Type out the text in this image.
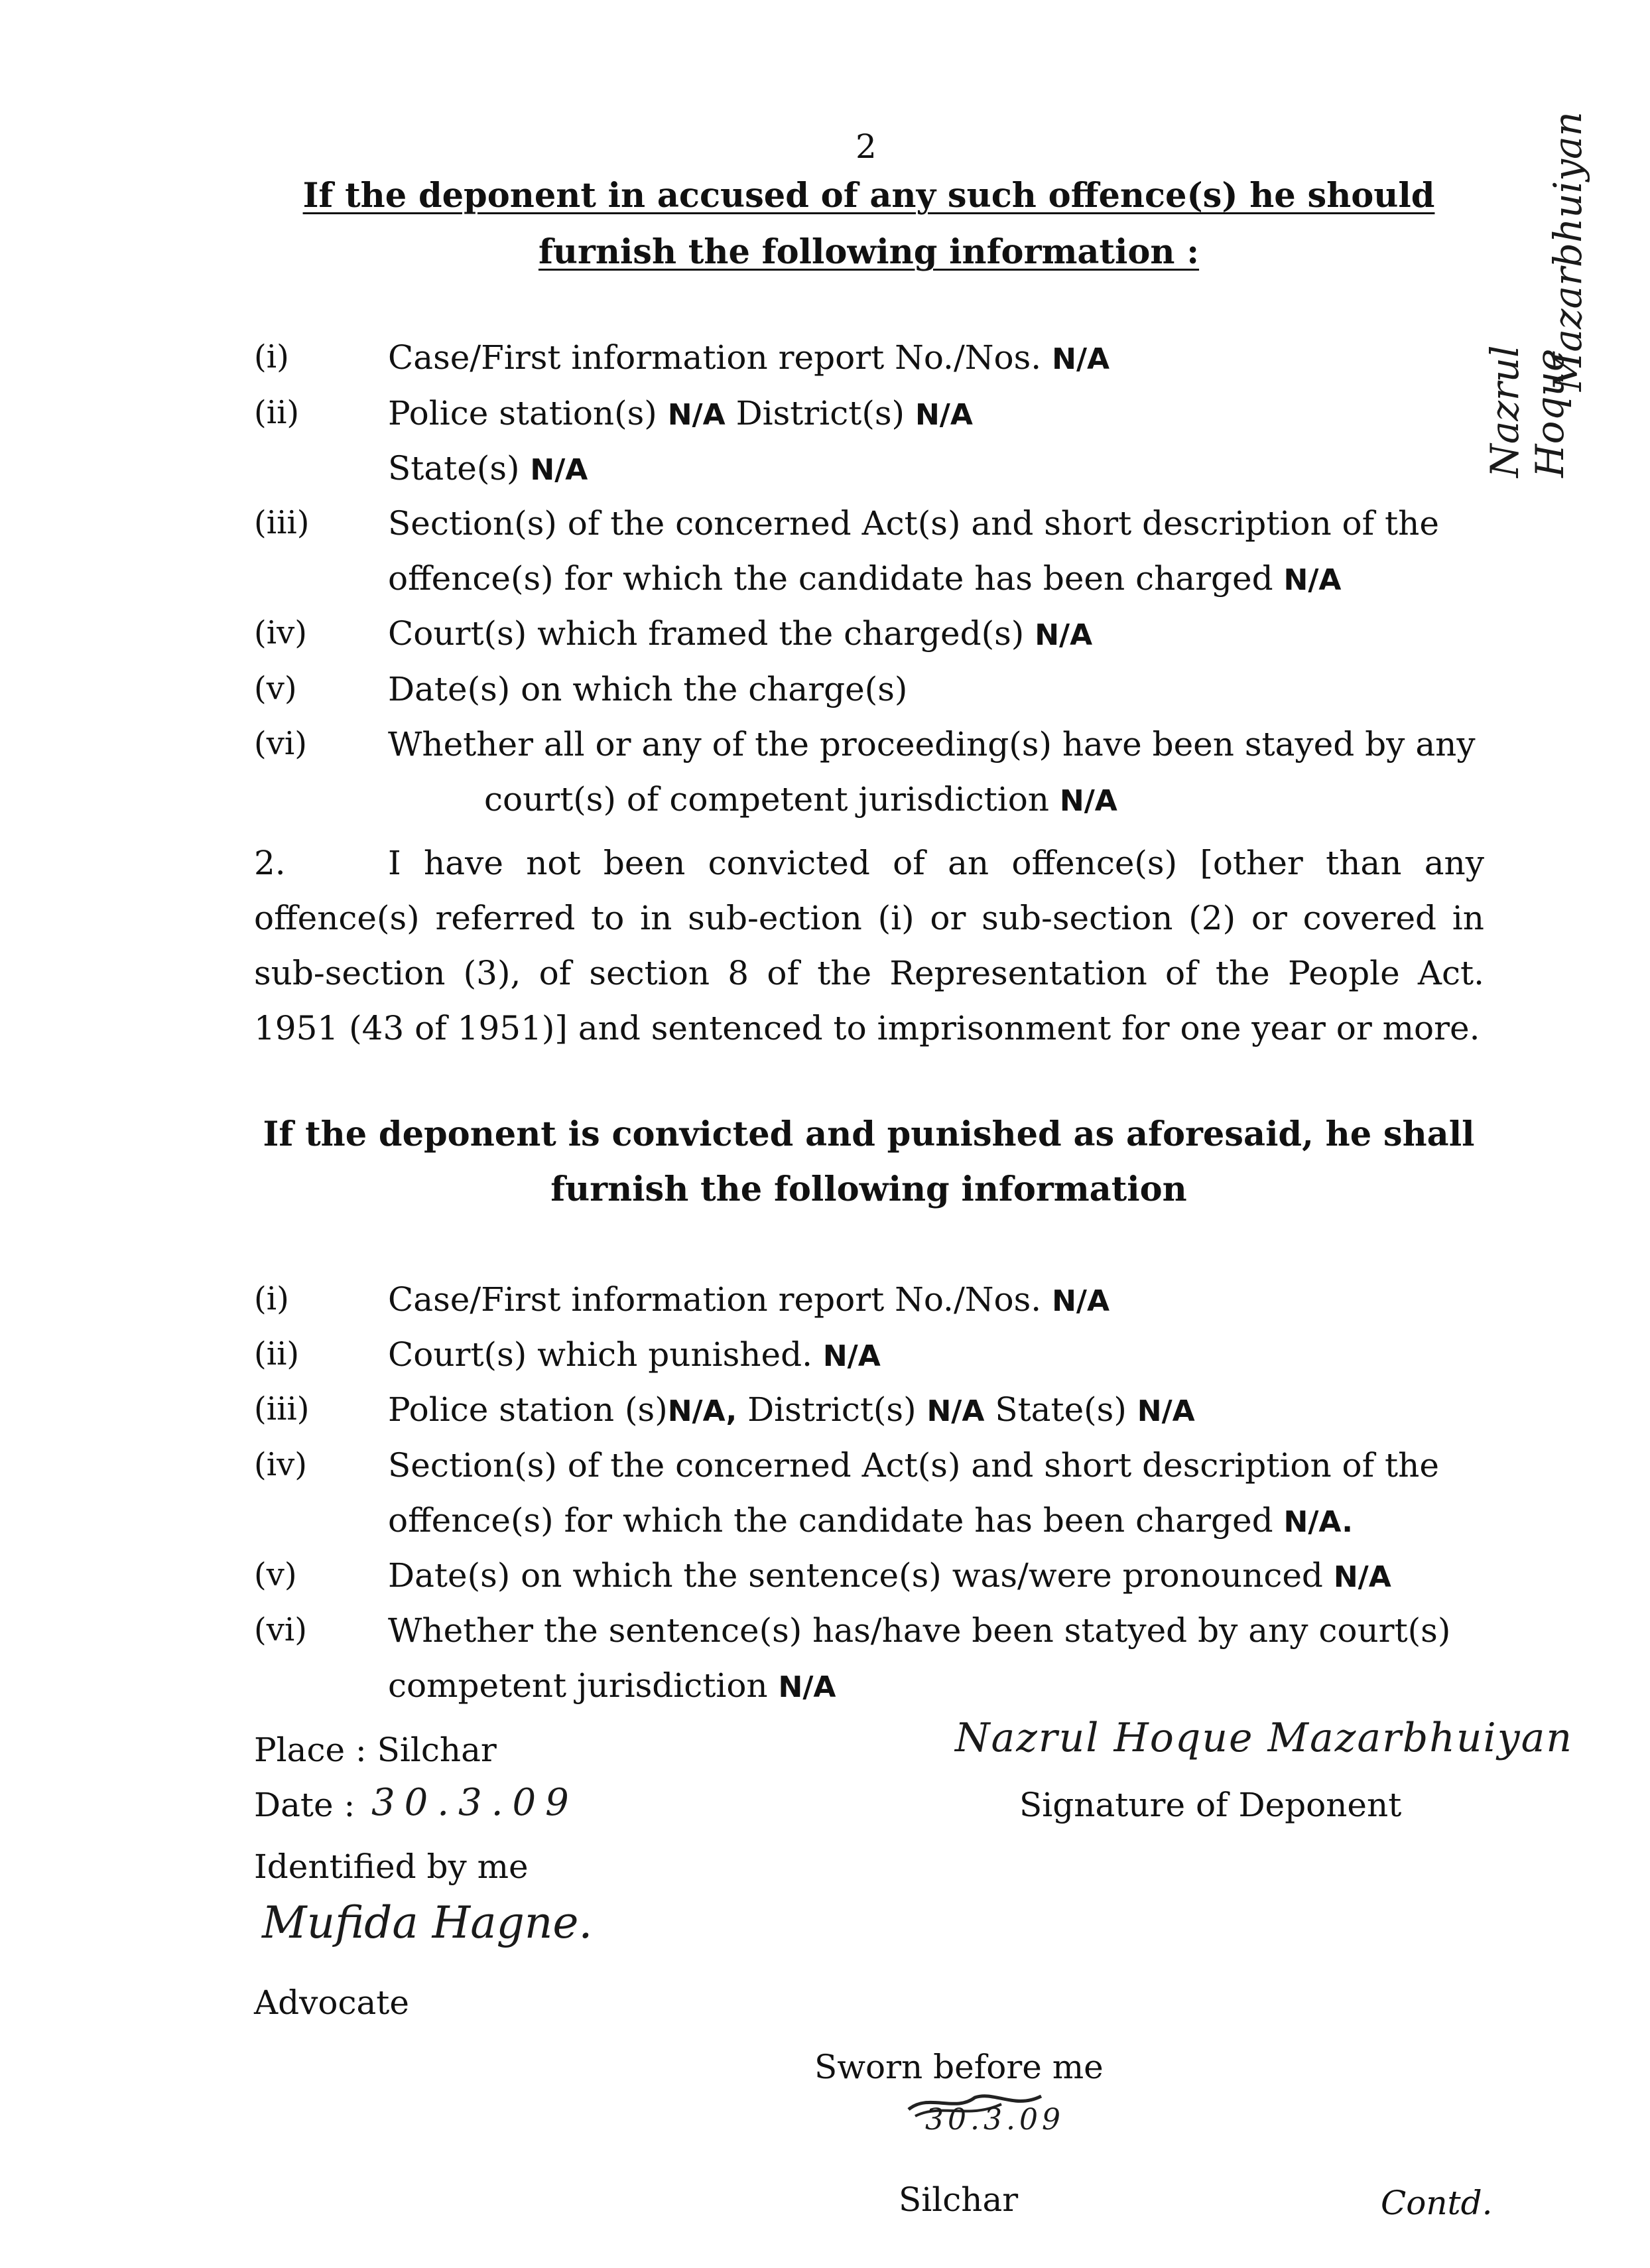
2
If the deponent in accused of any such offence(s) he should
furnish the following information :
(i)	Case/First information report No./Nos. N/A
(ii)	Police station(s) N/A District(s) N/A
State(s) N/A
(iii) Section(s) of the concerned Act(s) and short description of the
offence(s) for which the candidate has been charged N/A
(iv) Court(s) which framed the charged(s) N/A
(v)	Date(s) on which the charge(s)
(vi) Whether all or any of the proceeding(s) have been stayed by any
court(s) of competent jurisdiction N/A
2.	I have not been convicted of an offence(s) [other than any
offence(s) referred to in sub-ection (i) or sub-section (2) or covered in
sub-section (3), of section 8 of the Representation of the People Act.
1951 (43 of 1951)] and sentenced to imprisonment for one year or more.
If the deponent is convicted and punished as aforesaid, he shall
furnish the following information
(i)	Case/First information report No./Nos. N/A
(ii)	Court(s) which punished. N/A
(iii) Police station (s)N/A, District(s) N/A State(s) N/A
(iv) Section(s) of the concerned Act(s) and short description of the
offence(s) for which the candidate has been charged N/A.
(v)	Date(s) on which the sentence(s) was/were pronounced N/A
(vi) Whether the sentence(s) has/have been statyed by any court(s)
competent jurisdiction N/A
Place : Silchar
Date : 30.3.09
Identified by me
Mufida Hagne.
Advocate
Nazrul Hoque Mazarbhuiyan
Signature of Deponent
Sworn before me
30.3.09
Silchar	Contd.
Nazrul Hoque
Mazarbhuiyan
